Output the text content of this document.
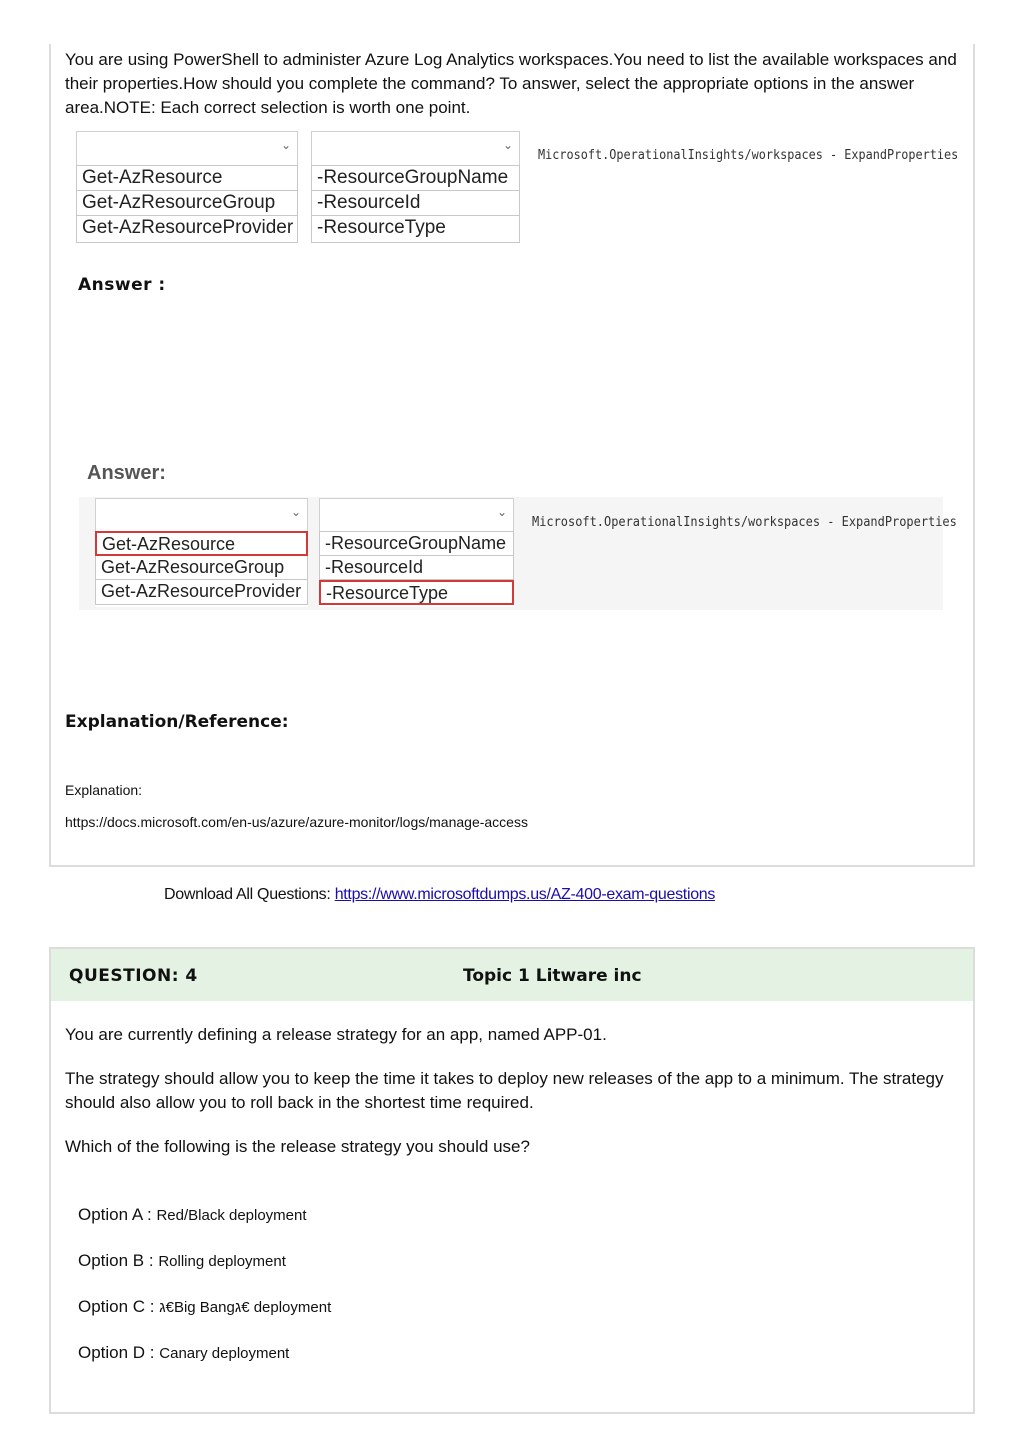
You are using PowerShell to administer Azure Log Analytics workspaces.You need to list the available workspaces and their properties.How should you complete the command? To answer, select the appropriate options in the answer area.NOTE: Each correct selection is worth one point.
⌄
Get-AzResource
Get-AzResourceGroup
Get-AzResourceProvider
⌄
-ResourceGroupName
-ResourceId
-ResourceType
Microsoft.OperationalInsights/workspaces - ExpandProperties
Answer :
Answer:
⌄
Get-AzResource
Get-AzResourceGroup
Get-AzResourceProvider
⌄
-ResourceGroupName
-ResourceId
-ResourceType
Microsoft.OperationalInsights/workspaces - ExpandProperties
Explanation/Reference:
Explanation:
https://docs.microsoft.com/en-us/azure/azure-monitor/logs/manage-access
Download All Questions: https://www.microsoftdumps.us/AZ-400-exam-questions
QUESTION: 4	Topic 1 Litware inc
You are currently defining a release strategy for an app, named APP-01.
The strategy should allow you to keep the time it takes to deploy new releases of the app to a minimum. The strategy should also allow you to roll back in the shortest time required.
Which of the following is the release strategy you should use?
Option A : Red/Black deployment
Option B : Rolling deployment
Option C : ג€Big Bangג€ deployment
Option D : Canary deployment
